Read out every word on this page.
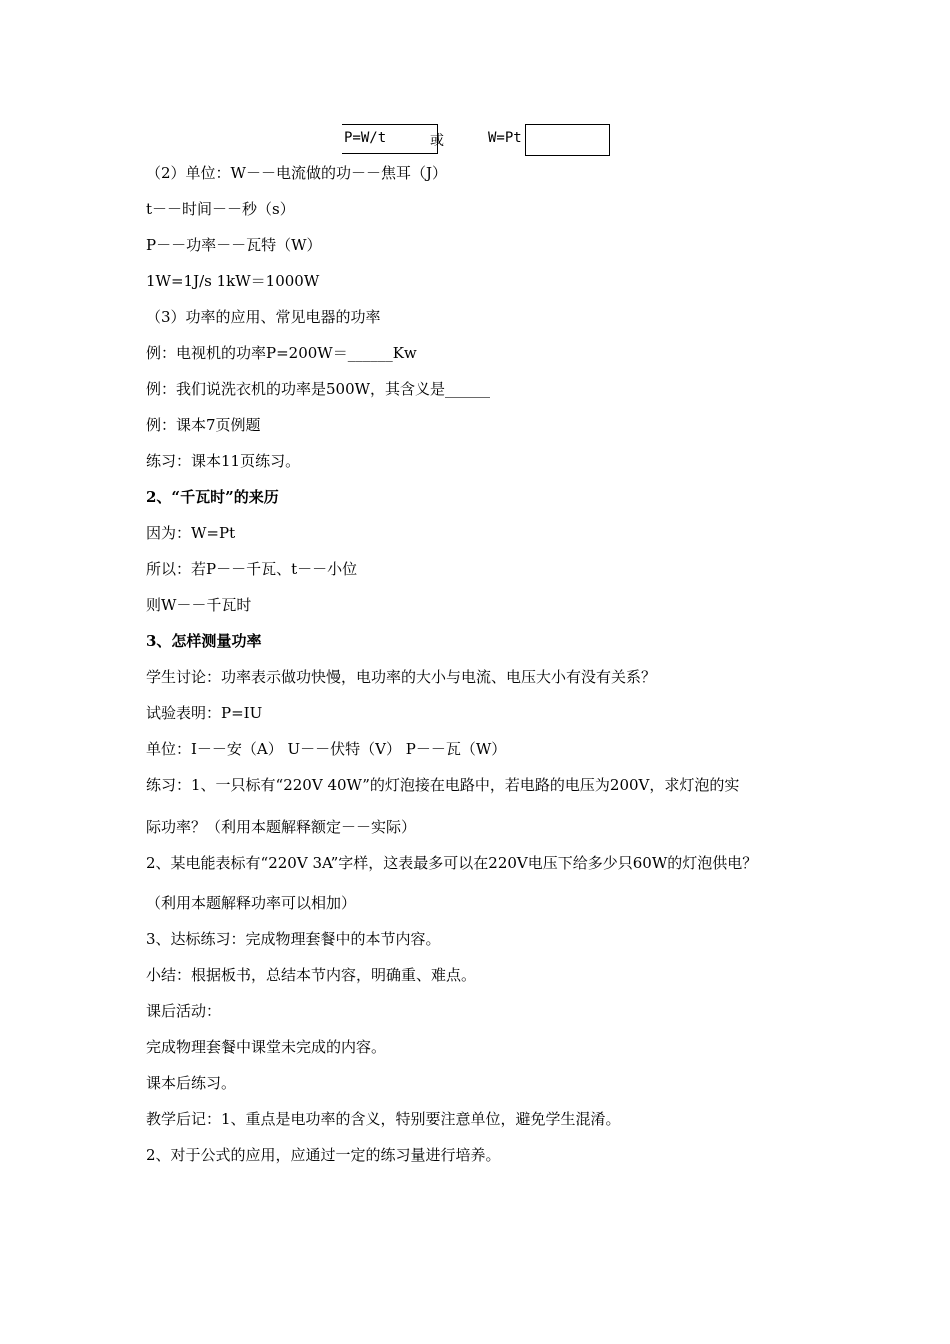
P=W/t	或	W=Pt
（2）单位：W－－电流做的功－－焦耳（J）
t－－时间－－秒（s）
P－－功率－－瓦特（W）
1W=1J/s 1kW＝1000W
（3）功率的应用、常见电器的功率
例：电视机的功率P=200W＝______Kw
例：我们说洗衣机的功率是500W，其含义是______
例：课本7页例题
练习：课本11页练习。
2、“千瓦时”的来历
因为：W=Pt
所以：若P－－千瓦、t－－小位
则W－－千瓦时
3、怎样测量功率
学生讨论：功率表示做功快慢，电功率的大小与电流、电压大小有没有关系？
试验表明：P=IU
单位：I－－安（A） U－－伏特（V） P－－瓦（W）
练习：1、一只标有“220V 40W”的灯泡接在电路中，若电路的电压为200V，求灯泡的实
际功率？（利用本题解释额定－－实际）
2、某电能表标有“220V 3A”字样，这表最多可以在220V电压下给多少只60W的灯泡供电？
（利用本题解释功率可以相加）
3、达标练习：完成物理套餐中的本节内容。
小结：根据板书，总结本节内容，明确重、难点。
课后活动：
完成物理套餐中课堂未完成的内容。
课本后练习。
教学后记：1、重点是电功率的含义，特别要注意单位，避免学生混淆。
2、对于公式的应用，应通过一定的练习量进行培养。
